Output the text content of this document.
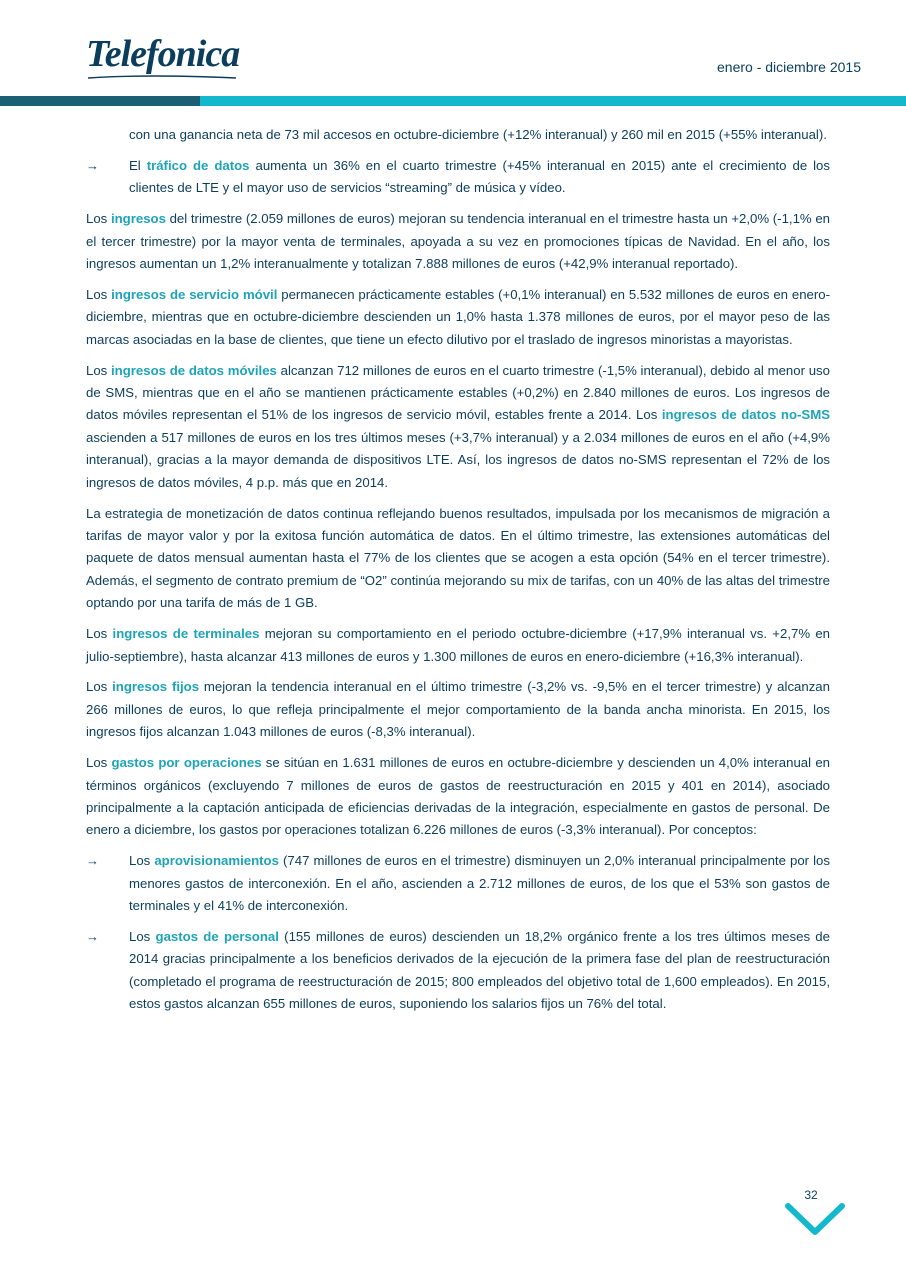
Telefonica	enero - diciembre 2015

con una ganancia neta de 73 mil accesos en octubre-diciembre (+12% interanual) y 260 mil en 2015 (+55% interanual).

→ El tráfico de datos aumenta un 36% en el cuarto trimestre (+45% interanual en 2015) ante el crecimiento de los clientes de LTE y el mayor uso de servicios “streaming” de música y vídeo.

Los ingresos del trimestre (2.059 millones de euros) mejoran su tendencia interanual en el trimestre hasta un +2,0% (-1,1% en el tercer trimestre) por la mayor venta de terminales, apoyada a su vez en promociones típicas de Navidad. En el año, los ingresos aumentan un 1,2% interanualmente y totalizan 7.888 millones de euros (+42,9% interanual reportado).

Los ingresos de servicio móvil permanecen prácticamente estables (+0,1% interanual) en 5.532 millones de euros en enero-diciembre, mientras que en octubre-diciembre descienden un 1,0% hasta 1.378 millones de euros, por el mayor peso de las marcas asociadas en la base de clientes, que tiene un efecto dilutivo por el traslado de ingresos minoristas a mayoristas.

Los ingresos de datos móviles alcanzan 712 millones de euros en el cuarto trimestre (-1,5% interanual), debido al menor uso de SMS, mientras que en el año se mantienen prácticamente estables (+0,2%) en 2.840 millones de euros. Los ingresos de datos móviles representan el 51% de los ingresos de servicio móvil, estables frente a 2014. Los ingresos de datos no-SMS ascienden a 517 millones de euros en los tres últimos meses (+3,7% interanual) y a 2.034 millones de euros en el año (+4,9% interanual), gracias a la mayor demanda de dispositivos LTE. Así, los ingresos de datos no-SMS representan el 72% de los ingresos de datos móviles, 4 p.p. más que en 2014.

La estrategia de monetización de datos continua reflejando buenos resultados, impulsada por los mecanismos de migración a tarifas de mayor valor y por la exitosa función automática de datos. En el último trimestre, las extensiones automáticas del paquete de datos mensual aumentan hasta el 77% de los clientes que se acogen a esta opción (54% en el tercer trimestre). Además, el segmento de contrato premium de “O2” continúa mejorando su mix de tarifas, con un 40% de las altas del trimestre optando por una tarifa de más de 1 GB.

Los ingresos de terminales mejoran su comportamiento en el periodo octubre-diciembre (+17,9% interanual vs. +2,7% en julio-septiembre), hasta alcanzar 413 millones de euros y 1.300 millones de euros en enero-diciembre (+16,3% interanual).

Los ingresos fijos mejoran la tendencia interanual en el último trimestre (-3,2% vs. -9,5% en el tercer trimestre) y alcanzan 266 millones de euros, lo que refleja principalmente el mejor comportamiento de la banda ancha minorista. En 2015, los ingresos fijos alcanzan 1.043 millones de euros (-8,3% interanual).

Los gastos por operaciones se sitúan en 1.631 millones de euros en octubre-diciembre y descienden un 4,0% interanual en términos orgánicos (excluyendo 7 millones de euros de gastos de reestructuración en 2015 y 401 en 2014), asociado principalmente a la captación anticipada de eficiencias derivadas de la integración, especialmente en gastos de personal. De enero a diciembre, los gastos por operaciones totalizan 6.226 millones de euros (-3,3% interanual). Por conceptos:

→ Los aprovisionamientos (747 millones de euros en el trimestre) disminuyen un 2,0% interanual principalmente por los menores gastos de interconexión. En el año, ascienden a 2.712 millones de euros, de los que el 53% son gastos de terminales y el 41% de interconexión.
→ Los gastos de personal (155 millones de euros) descienden un 18,2% orgánico frente a los tres últimos meses de 2014 gracias principalmente a los beneficios derivados de la ejecución de la primera fase del plan de reestructuración (completado el programa de reestructuración de 2015; 800 empleados del objetivo total de 1,600 empleados). En 2015, estos gastos alcanzan 655 millones de euros, suponiendo los salarios fijos un 76% del total.
32
